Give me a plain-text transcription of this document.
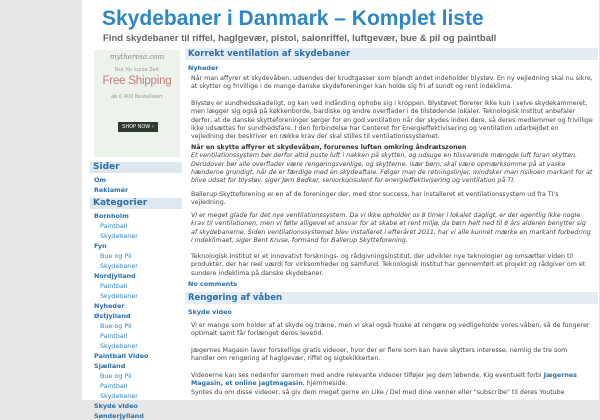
Skydebaner i Danmark – Komplet liste
Find skydebaner til riffel, haglgevær, pistol, salonriffel, luftgevær, bue & pil og paintball
mytheresa.com
Nur für kurze Zeit
Free Shipping
ab € 400 Bestellwert
SHOP NOW ›
Sider
Om
Reklamér
Kategorier
Bornholm
Paintball
Skydebaner
Fyn
Bue og Pil
Skydebaner
Nordjylland
Paintball
Skydebaner
Nyheder
Østjylland
Bue og Pil
Paintball
Skydebaner
Paintball Video
Sjælland
Bue og Pil
Paintball
Skydebaner
Skyde video
Sønderjylland
Korrekt ventilation af skydebaner
Nyheder

Når man affyrer et skydevåben, udsendes der krudtgasser som blandt andet indeholder blystøv. En ny vejledning skal nu sikre, at skytter og frivillige i de mange danske skydeforeninger kan holde sig fri af sundt og rent indeklima.

Blystøv er sundhedsskadeligt, og kan ved indånding ophobe sig i kroppen. Blystøvet florerer ikke kun i selve skydekammeret, men lægger sig også på køkkenborde, bardiske og andre overflader i de tilstødende lokaler. Teknologisk Institut anbefaler derfor, at de danske skytteforeninger sørger for en god ventilation når der skydes inden døre, så deres medlemmer og frivillige ikke udsættes for sundhedsfare. I den forbindelse har Centeret for Energieffektivisering og ventilation udarbejdet en vejledning der beskriver en række krav der skal stilles til ventilationssystemet.

Når en skytte affyrer et skydevåben, forurenes luften omkring åndrætszonen
Et ventilationssystem bør derfor altid puste luft i nakken på skytten, og udsuge en tilsvarende mængde luft foran skytten. Derudover bør alle overflader være rengøringsvenlige, og skytterne, især børn, skal være opmærksomme på at vaske hænderne grundigt, når de er færdige med en skydeaftale. Følger man de retningslinjer, mindsker man risikoen markant for at blive udsat for blystøv, siger Jørn Bødker, seniorkonsulent for energieffektivisering og ventilation på TI.

Ballerup Skytteforening er en af de foreninger der, med stor success, har installeret et ventilationssystem ud fra TI's vejledning.

Vi er meget glade for det nye ventilationssystem. Da vi ikke opholder os 8 timer i lokalet dagligt, er der egentlig ikke nogle krav til ventilationen, men vi følte alligevel et ansvar for at skabe et rent miljø, da børn helt ned til 8 års alderen benytter sig af skydebanerne. Siden ventilationssystemet blev installeret i efteråret 2011, har vi alle kunnet mærke en markant forbedring i indeklimaet, siger Bent Kruse, formand for Ballerup Skytteforening.

Teknologisk Institut er et innovativt forsknings- og rådgivningsinstitut, der udvikler nye teknologier og omsætter viden til produkter, der har reel værdi for virksomheder og samfund. Teknologisk Institut har gennemført et projekt og rådgiver om et sundere indeklima på danske skydebaner.

No comments
Rengøring af våben
Skyde video

Vi er mange som holder af at skyde og træne, men vi skal også huske at rengøre og vedligeholde vores våben, så de fungerer optimalt samt får forlænget deres levetid.

Jægernes Magasin laver forskellige gratis videoer, hvor der er flere som kan have skytters interesse, nemlig de tre som handler om rengøring af haglgevær, riffel og sigtekikkerten.

Videoerne kan ses nedenfor sammen med andre relevante videoer tilføjer jeg dem løbende. Kig eventuelt forbi Jægernes Magasin, et online jagtmagasin, hjemmeside.

Syntes du om disse videoer, så giv dem meget gerne en Like / Del med dine venner eller "subscribe" til deres Youtube
